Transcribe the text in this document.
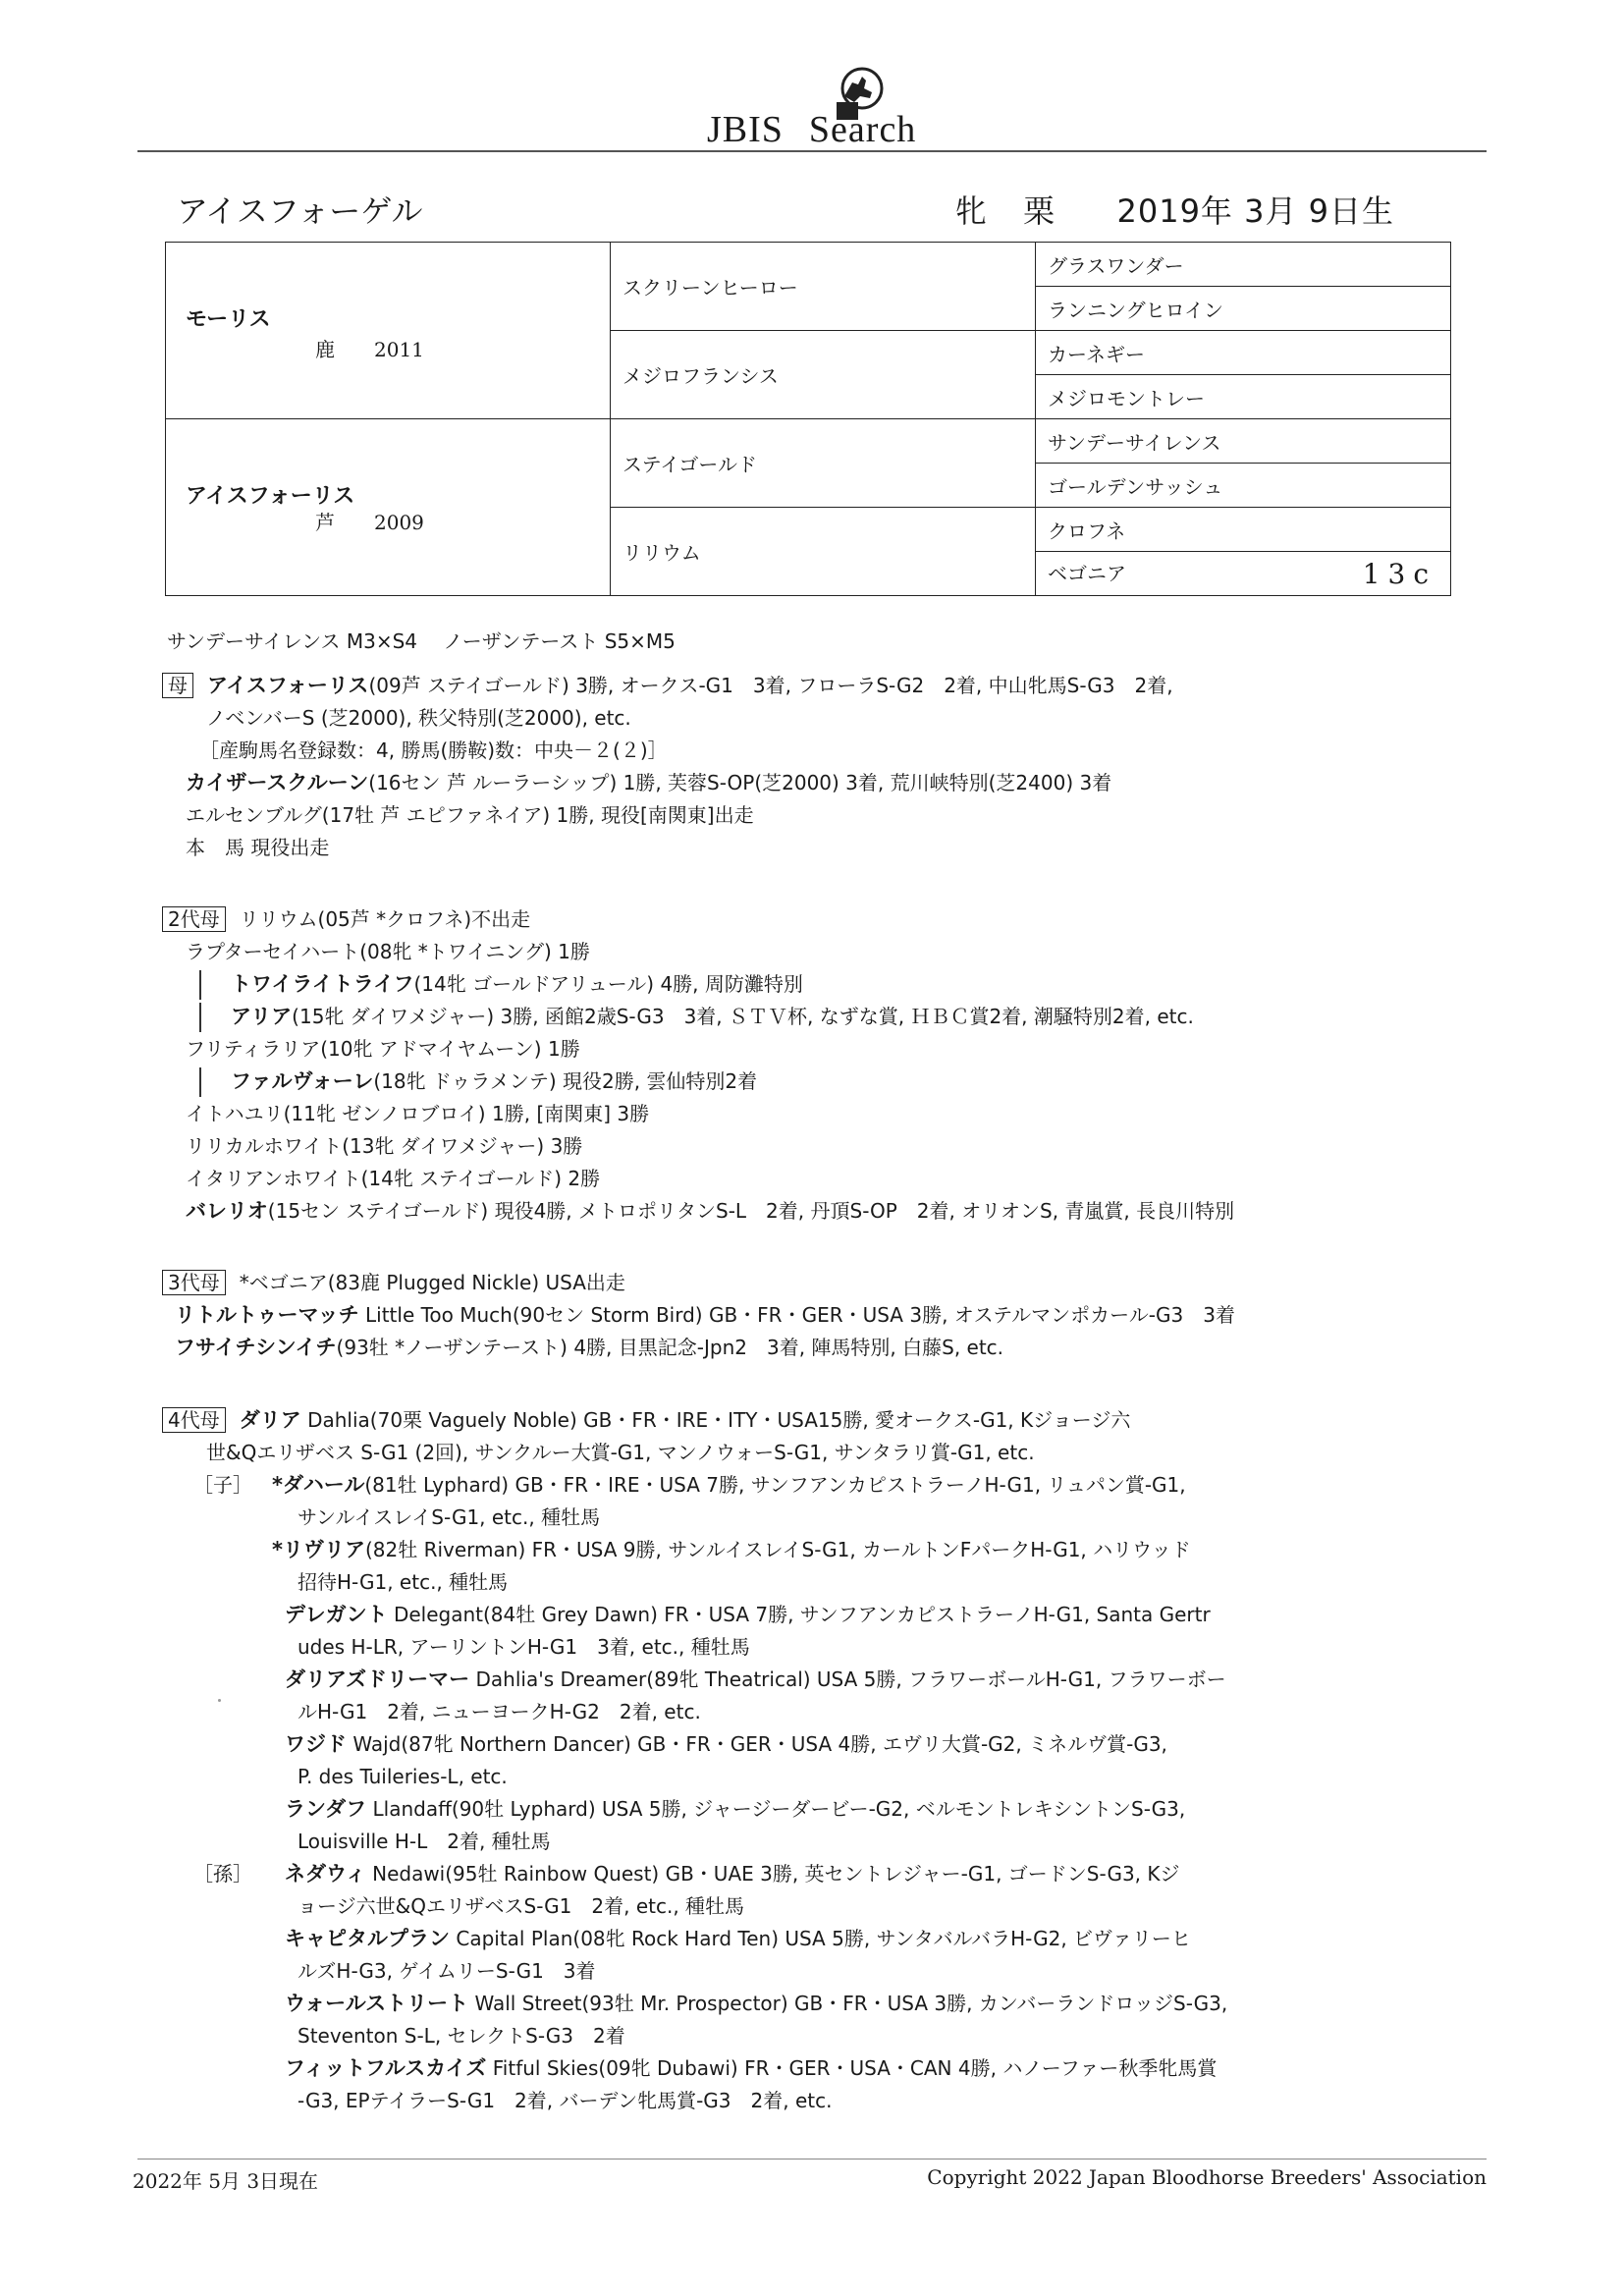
JBIS Search
アイスフォーゲル	牝 栗 2019年 3月 9日生
モーリス
鹿 2011	スクリーンヒーロー	グラスワンダー
		ランニングヒロイン
	メジロフランシス	カーネギー
		メジロモントレー

アイスフォーリス
芦 2009	ステイゴールド	サンデーサイレンス
		ゴールデンサッシュ
	リリウム	クロフネ
		ベゴニア 13c
サンデーサイレンス M3×S4　 ノーザンテースト S5×M5
母 アイスフォーリス(09芦 ステイゴールド) 3勝, オークス-G1　3着, フローラS-G2　2着, 中山牝馬S-G3　2着,
ノベンバーS (芝2000), 秩父特別(芝2000), etc.
［産駒馬名登録数：4, 勝馬(勝鞍)数：中央－２(２)］
カイザースクルーン(16セン 芦 ルーラーシップ) 1勝, 芙蓉S-OP(芝2000) 3着, 荒川峡特別(芝2400) 3着
エルセンブルグ(17牡 芦 エピファネイア) 1勝, 現役[南関東]出走
本　馬 現役出走
2代母 リリウム(05芦 *クロフネ)不出走
ラプターセイハート(08牝 *トワイニング) 1勝
トワイライトライフ(14牝 ゴールドアリュール) 4勝, 周防灘特別
アリア(15牝 ダイワメジャー) 3勝, 函館2歳S-G3　3着, ＳＴＶ杯, なずな賞, ＨＢＣ賞2着, 潮騒特別2着, etc.
フリティラリア(10牝 アドマイヤムーン) 1勝
ファルヴォーレ(18牝 ドゥラメンテ) 現役2勝, 雲仙特別2着
イトハユリ(11牝 ゼンノロブロイ) 1勝, [南関東] 3勝
リリカルホワイト(13牝 ダイワメジャー) 3勝
イタリアンホワイト(14牝 ステイゴールド) 2勝
バレリオ(15セン ステイゴールド) 現役4勝, メトロポリタンS-L　2着, 丹頂S-OP　2着, オリオンS, 青嵐賞, 長良川特別
3代母 *ベゴニア(83鹿 Plugged Nickle) USA出走
リトルトゥーマッチ Little Too Much(90セン Storm Bird) GB・FR・GER・USA 3勝, オステルマンポカール-G3　3着
フサイチシンイチ(93牡 *ノーザンテースト) 4勝, 目黒記念-Jpn2　3着, 陣馬特別, 白藤S, etc.
4代母 ダリア Dahlia(70栗 Vaguely Noble) GB・FR・IRE・ITY・USA15勝, 愛オークス-G1, Kジョージ六
世&Qエリザベス S-G1 (2回), サンクルー大賞-G1, マンノウォーS-G1, サンタラリ賞-G1, etc.
［子］ *ダハール(81牡 Lyphard) GB・FR・IRE・USA 7勝, サンフアンカピストラーノH-G1, リュパン賞-G1,
サンルイスレイS-G1, etc., 種牡馬
*リヴリア(82牡 Riverman) FR・USA 9勝, サンルイスレイS-G1, カールトンFパークH-G1, ハリウッド
招待H-G1, etc., 種牡馬
デレガント Delegant(84牡 Grey Dawn) FR・USA 7勝, サンフアンカピストラーノH-G1, Santa Gertr
udes H-LR, アーリントンH-G1　3着, etc., 種牡馬
ダリアズドリーマー Dahlia's Dreamer(89牝 Theatrical) USA 5勝, フラワーボールH-G1, フラワーボー
ルH-G1　2着, ニューヨークH-G2　2着, etc.
ワジド Wajd(87牝 Northern Dancer) GB・FR・GER・USA 4勝, エヴリ大賞-G2, ミネルヴ賞-G3,
P. des Tuileries-L, etc.
ランダフ Llandaff(90牡 Lyphard) USA 5勝, ジャージーダービー-G2, ベルモントレキシントンS-G3,
Louisville H-L　2着, 種牡馬
［孫］ ネダウィ Nedawi(95牡 Rainbow Quest) GB・UAE 3勝, 英セントレジャー-G1, ゴードンS-G3, Kジ
ョージ六世&QエリザベスS-G1　2着, etc., 種牡馬
キャピタルプラン Capital Plan(08牝 Rock Hard Ten) USA 5勝, サンタバルバラH-G2, ビヴァリーヒ
ルズH-G3, ゲイムリーS-G1　3着
ウォールストリート Wall Street(93牡 Mr. Prospector) GB・FR・USA 3勝, カンバーランドロッジS-G3,
Steventon S-L, セレクトS-G3　2着
フィットフルスカイズ Fitful Skies(09牝 Dubawi) FR・GER・USA・CAN 4勝, ハノーファー秋季牝馬賞
-G3, EPテイラーS-G1　2着, バーデン牝馬賞-G3　2着, etc.
2022年 5月 3日現在	Copyright 2022 Japan Bloodhorse Breeders' Association
